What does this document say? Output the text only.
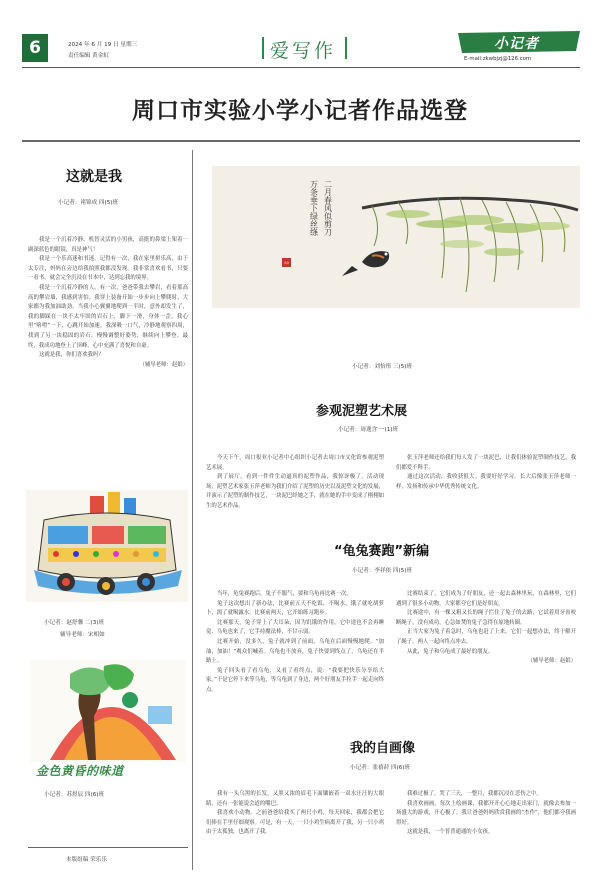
6	2024 年 6 月 19 日 星期三
责任编辑 黄金虹	爱写作	小记者
E-mail:zkwbjzj@126.com
周口市实验小学小记者作品选登
这就是我
小记者：褚锦成 四(5)班

我是一个沉着冷静、机智灵活的小男孩，高挺的鼻梁上架着一副深蓝色的眼镜，真是神气！

我是一个乐高迷和书迷。记得有一次，我在家里拼乐高，由于太专注，妈妈在旁边给我拍照我都没发现。我非常喜欢看书，只要一看书，就会完全沉浸在书本中，达到忘我的境界。

我是一个沉着冷静的人。有一次，爸爸带我去攀岩，看着那高高的攀岩墙，我感到害怕。我穿上装备开始一步步向上攀爬时，大家都为我加油助劲。当我小心翼翼地爬到一半时，意外却发生了，我的脚踩在一块不太牢固的岩石上，脚下一滑，身体一歪，我心里“咯噔”一下，心跳开始加速。我深吸一口气，冷静地观察四周，找到了另一块稳固的岩石，慢慢调整好姿势，继续向上攀登。最终，我成功地登上了顶峰，心中充满了喜悦和自豪。

这就是我，你们喜欢我吗？

（辅导老师：赵娟）

小记者：赵舒馨 二(3)班
辅导老师：宋相如
金色黄昏的味道
小记者：苏煜辰 四(6)班
本版组稿 荣乐乐
二月春风似剪刀
万条垂下绿丝绦
作品
小记者：刘怡彤 三(5)班
参观泥塑艺术展
小记者：周逸含 一(1)班

今天下午，周口报业小记者中心组织小记者去周口市文化馆参观泥塑艺术展。

到了展厅，看到一件件生动逼真的泥塑作品，我惊讶极了。活动现场，泥塑艺术家张玉萍老师为我们介绍了泥塑的历史以及泥塑文化的发展，并演示了泥塑的制作技艺，一块泥巴经她之手，就在她的手中变成了栩栩如生的艺术作品。

张玉萍老师还给我们每人发了一块泥巴，让我们体验泥塑制作技艺，我们都爱不释手。

通过这次活动，我收获很大。我要好好学习，长大后像张玉萍老师一样，发扬和传承中华优秀传统文化。

“龟兔赛跑”新编
小记者：李祥依 四(5)班

当年，龟兔赛跑后，兔子不服气，要和乌龟再比赛一次。

兔子这次想出了新办法，比赛前五天不吃饭，不喝水，饿了就吃胡萝卜，渴了就喝露水。比赛前两天，它开始练习跑步。

比赛那天，兔子穿上了大耳朵，因为饥饿的作用，它中途也不会再睡觉，乌龟也来了，它手持魔法棒，不甘示弱。

比赛开始，没多久，兔子就冲到了前面，乌龟在后面慢慢地爬。“加油，加油！”观众们喊着。乌龟也不放弃，兔子快要到终点了，乌龟还在半路上。

兔子回头看了看乌龟，又看了看终点，说：“我要把快乐分享给大家。”于是它停下来等乌龟，等乌龟到了身边，两个好朋友手拉手一起走向终点。

比赛结束了，它们成为了好朋友，还一起去森林里玩，在森林里，它们遇到了很多小动物，大家都夸它们是好朋友。

比赛途中，有一棵又粗又长的绳子拦住了兔子的去路，它试着用牙齿咬断绳子，没有成功，心急如焚的兔子急得在原地转圈。

正当大家为兔子着急时，乌龟也赶了上来，它们一起想办法，终于解开了绳子，两人一起向终点冲去。

从此，兔子和乌龟成了最好的朋友。

（辅导老师：赵娟）

我的自画像
小记者：张禧莳 四(6)班

我有一头乌黑的长发，又黑又浓的眉毛下面镶嵌着一双水汪汪的大眼睛，还有一张能说会道的嘴巴。

我喜欢小动物。之前爸爸给我买了两只小鸡，每天回家，我都会把它们捧在手里仔细观察。可是，有一天，一只小鸡生病离开了我，另一只小鸡由于太孤独，也离开了我。

我难过极了，哭了三天，一整月，我都沉浸在悲伤之中。

我喜欢画画，每次上绘画课，我都开开心心地走出家门，就像去参加一场盛大的游戏，开心极了。我让爸爸妈妈欣赏我画的“杰作”，他们都夸我画得好。

这就是我，一个普普通通的小女孩。
